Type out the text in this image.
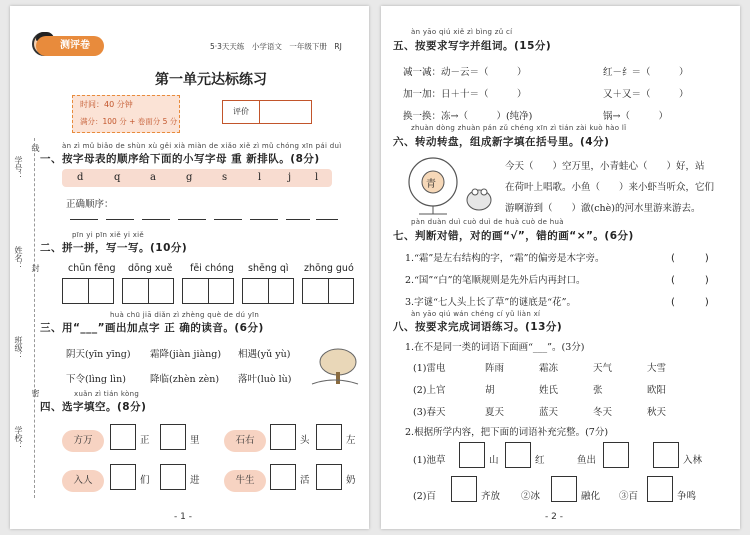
测评卷	5·3天天练　小学语文　一年级下册　RJ
第一单元达标练习
时间：40 分钟
满分：100 分 + 卷面分 5 分
评价
学号：
姓名：
班级：
学校：
线
封
密
àn zì mǔ biǎo de shùn xù gěi xià miàn de xiǎo xiě zì mǔ chóng xīn pái duì
一、按字母表的顺序给下面的小写字母 重 新排队。(8分)
d	q	a	g	s	l	j l
正确顺序：
pīn yi pīn xiě yi xiě
二、拼一拼，写一写。(10分)
chūn fēng dōng xuě fēi chóng shēng qì zhōng guó
huà chū jiā diǎn zì zhèng què de dú yīn
三、用“___”画出加点字 正 确的读音。(6分)
阴天(yīn yīng) 霜降(jiàn jiàng) 相遇(yǔ yù)
下令(lìng lìn)	降临(zhèn zèn) 落叶(luò lù)
xuǎn zì tián kòng
四、选字填空。(8分)
方万	正	里	石右	头	左
入人	们	进	牛生	活	奶
- 1 -
àn yāo qiú xiě zì bìng zǔ cí
五、按要求写字并组词。(15分)
减一减：动－云＝（　　　）	红－纟＝（　　　）
加一加：日＋十＝（　　　）	又＋又＝（　　　）
换一换：冻→（　　　）(纯净)	锅→（　　　）
zhuàn dòng zhuàn pán zǔ chéng xīn zì tián zài kuò hào lǐ
六、转动转盘，组成新字填在括号里。(4分)
青
今天（　　）空万里，小青蛙心（　　）好，站
在荷叶上唱歌。小鱼（　　）来小虾当听众，它们
游啊游到（　　）澈(chè)的河水里游来游去。
pàn duàn duì cuò duì de huà cuò de huà
七、判断对错，对的画“√”，错的画“×”。(6分)
1.“霜”是左右结构的字，“霜”的偏旁是木字旁。	(　　　)
2.“国”“白”的笔顺规则是先外后内再封口。	(　　　)
3.字谜“七人头上长了草”的谜底是“花”。	(　　　)
àn yāo qiú wán chéng cí yǔ liàn xí
八、按要求完成词语练习。(13分)
1.在不是同一类的词语下面画“___”。(3分)
(1)雷电	阵雨	霜冻	天气	大雪
(2)上官	胡	姓氏	张	欧阳
(3)春天	夏天	蓝天	冬天	秋天
2.根据所学内容，把下面的词语补充完整。(7分)
(1)池草	山	红	鱼出	入林
(2)百	齐放 ②冰	融化 ③百	争鸣
- 2 -
